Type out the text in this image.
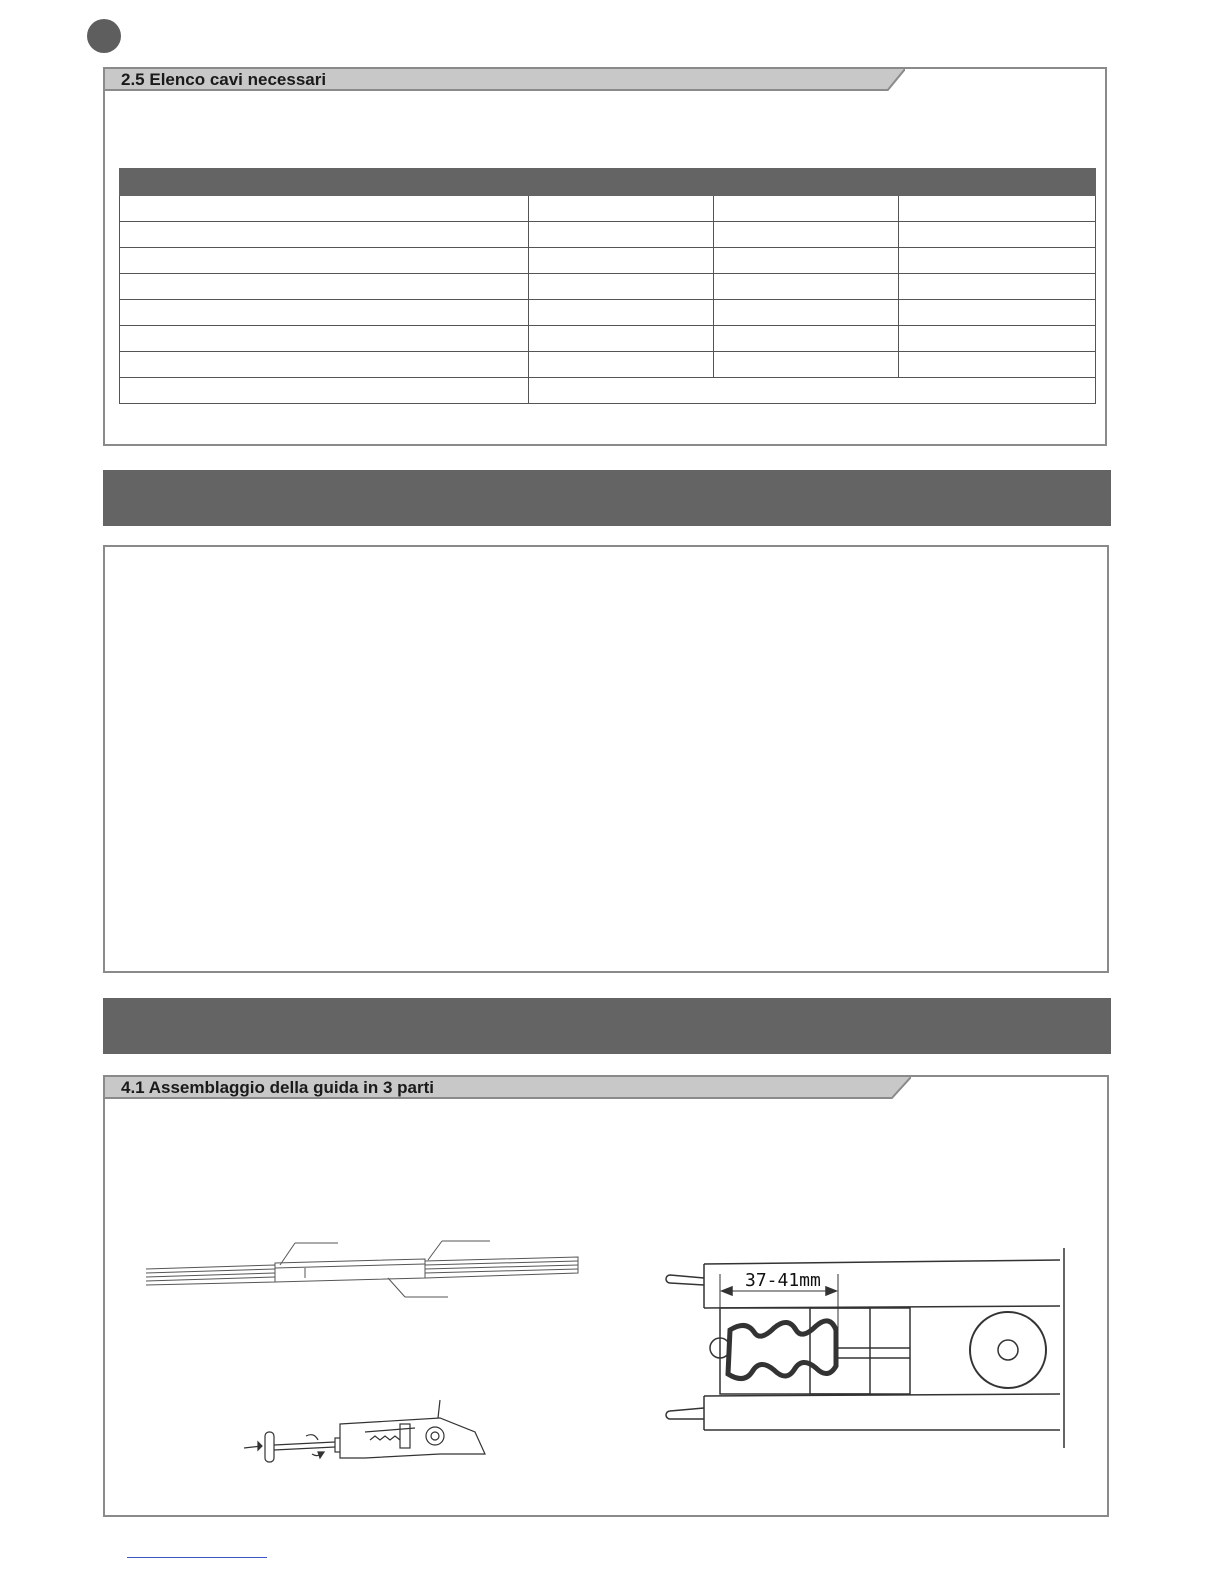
2.5 Elenco cavi necessari

4.1 Assemblaggio della guida in 3 parti
37-41mm
